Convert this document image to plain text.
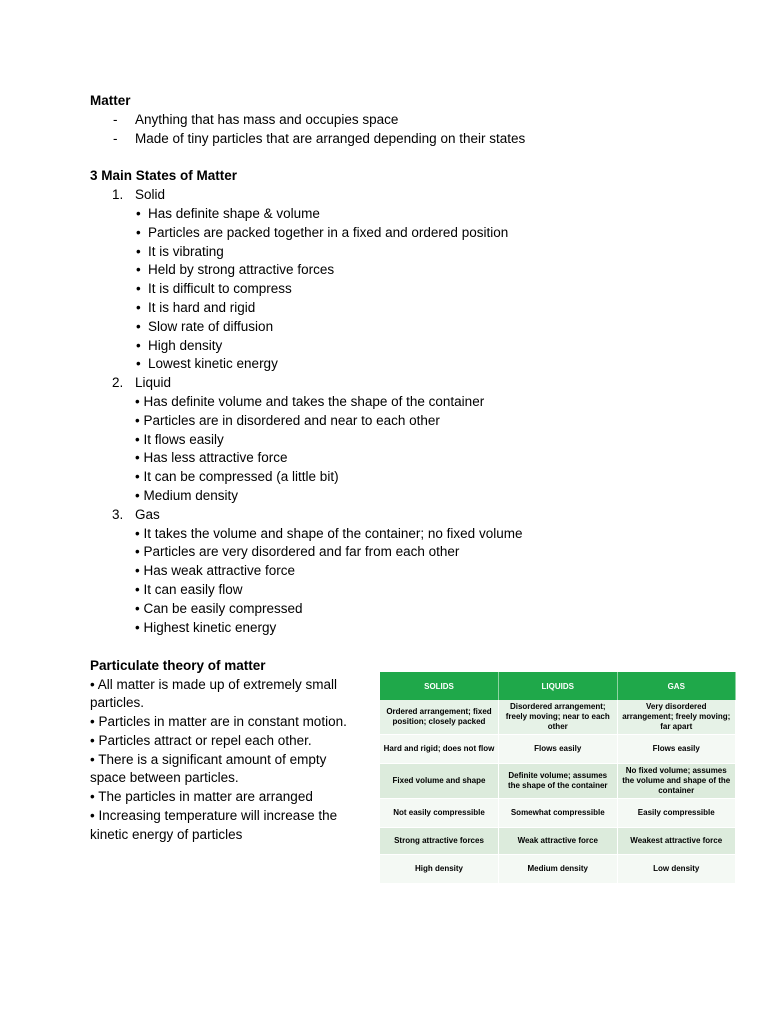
Matter
- Anything that has mass and occupies space
- Made of tiny particles that are arranged depending on their states
3 Main States of Matter
1. Solid
• Has definite shape & volume
• Particles are packed together in a fixed and ordered position
• It is vibrating
• Held by strong attractive forces
• It is difficult to compress
• It is hard and rigid
• Slow rate of diffusion
• High density
• Lowest kinetic energy
2. Liquid
• Has definite volume and takes the shape of the container
• Particles are in disordered and near to each other
• It flows easily
• Has less attractive force
• It can be compressed (a little bit)
• Medium density
3. Gas
• It takes the volume and shape of the container; no fixed volume
• Particles are very disordered and far from each other
• Has weak attractive force
• It can easily flow
• Can be easily compressed
• Highest kinetic energy
Particulate theory of matter
• All matter is made up of extremely small
particles.
• Particles in matter are in constant motion.
• Particles attract or repel each other.
• There is a significant amount of empty
space between particles.
• The particles in matter are arranged
• Increasing temperature will increase the
kinetic energy of particles
SOLIDS	LIQUIDS	GAS
Ordered arrangement; fixed position; closely packed	Disordered arrangement; freely moving; near to each other	Very disordered arrangement; freely moving; far apart
Hard and rigid; does not flow	Flows easily	Flows easily
Fixed volume and shape	Definite volume; assumes the shape of the container	No fixed volume; assumes the volume and shape of the container
Not easily compressible	Somewhat compressible	Easily compressible
Strong attractive forces	Weak attractive force	Weakest attractive force
High density	Medium density	Low density
